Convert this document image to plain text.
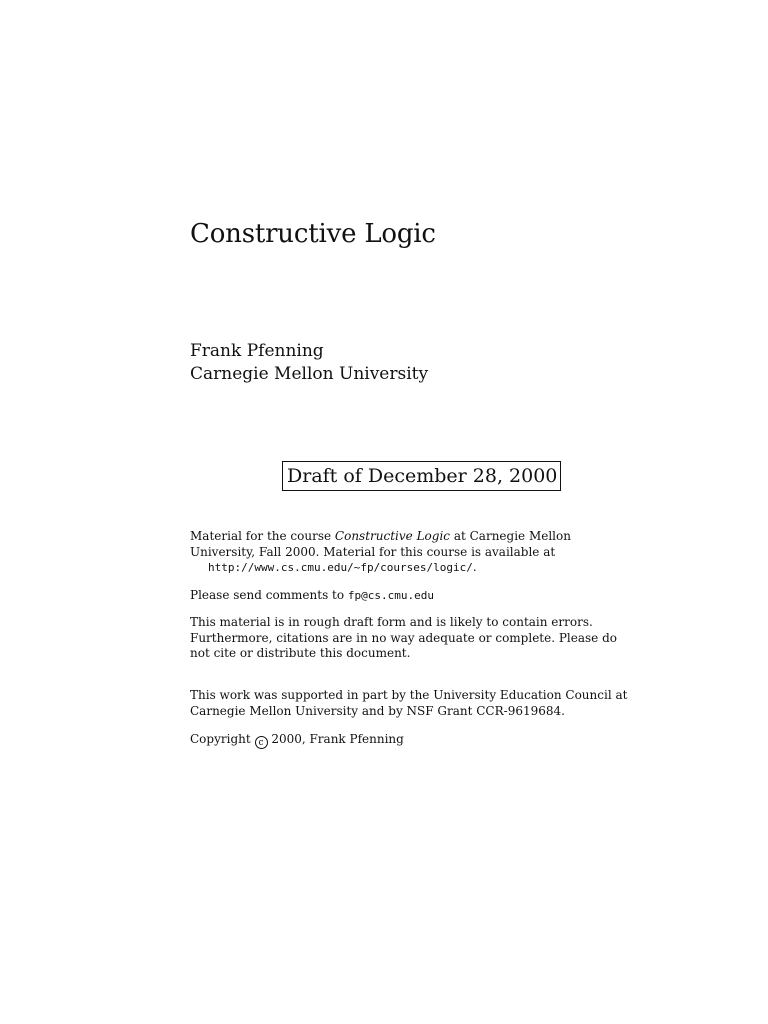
Constructive Logic
Frank Pfenning
Carnegie Mellon University
Draft of December 28, 2000
Material for the course Constructive Logic at Carnegie Mellon University, Fall 2000. Material for this course is available at
http://www.cs.cmu.edu/~fp/courses/logic/.
Please send comments to fp@cs.cmu.edu
This material is in rough draft form and is likely to contain errors. Furthermore, citations are in no way adequate or complete. Please do not cite or distribute this document.
This work was supported in part by the University Education Council at Carnegie Mellon University and by NSF Grant CCR-9619684.
Copyright c 2000, Frank Pfenning
